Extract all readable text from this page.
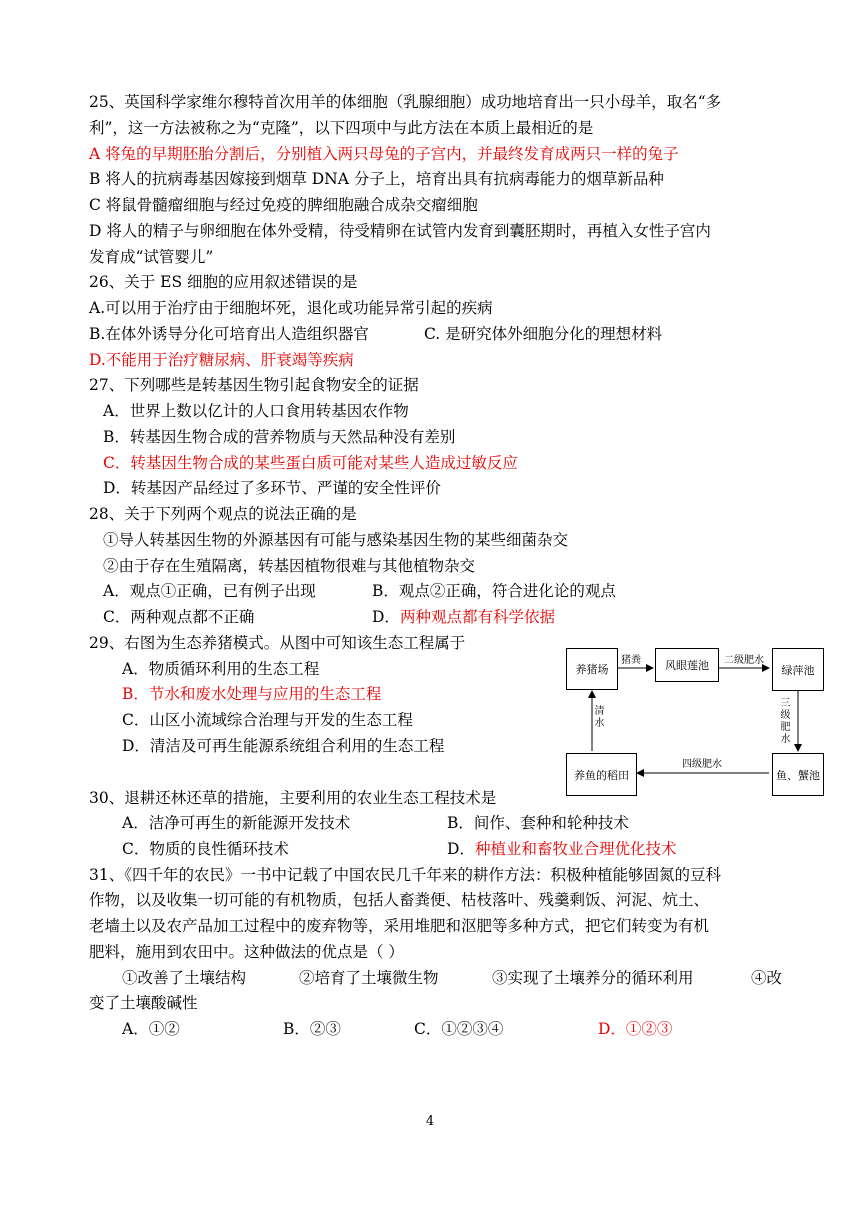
25、英国科学家维尔穆特首次用羊的体细胞（乳腺细胞）成功地培育出一只小母羊，取名“多
利”，这一方法被称之为“克隆”，以下四项中与此方法在本质上最相近的是
A 将兔的早期胚胎分割后，分别植入两只母兔的子宫内，并最终发育成两只一样的兔子
B 将人的抗病毒基因嫁接到烟草 DNA 分子上，培育出具有抗病毒能力的烟草新品种
C 将鼠骨髓瘤细胞与经过免疫的脾细胞融合成杂交瘤细胞
D 将人的精子与卵细胞在体外受精，待受精卵在试管内发育到囊胚期时，再植入女性子宫内
发育成“试管婴儿”
26、关于 ES 细胞的应用叙述错误的是
A.可以用于治疗由于细胞坏死，退化或功能异常引起的疾病
B.在体外诱导分化可培育出人造组织器官	C. 是研究体外细胞分化的理想材料
D.不能用于治疗糖尿病、肝衰竭等疾病
27、下列哪些是转基因生物引起食物安全的证据
A．世界上数以亿计的人口食用转基因农作物
B．转基因生物合成的营养物质与天然品种没有差别
C．转基因生物合成的某些蛋白质可能对某些人造成过敏反应
D．转基因产品经过了多环节、严谨的安全性评价
28、关于下列两个观点的说法正确的是
①导人转基因生物的外源基因有可能与感染基因生物的某些细菌杂交
②由于存在生殖隔离，转基因植物很难与其他植物杂交
A．观点①正确，已有例子出现	B．观点②正确，符合进化论的观点
C．两种观点都不正确	D．两种观点都有科学依据
29、右图为生态养猪模式。从图中可知该生态工程属于
A．物质循环利用的生态工程
B．节水和废水处理与应用的生态工程
C．山区小流域综合治理与开发的生态工程
D．清洁及可再生能源系统组合利用的生态工程
养猪场	风眼莲池	绿萍池
鱼、蟹池
养鱼的稻田
猪粪	二级肥水
三级肥水
四级肥水
清水
30、退耕还林还草的措施，主要利用的农业生态工程技术是
A．洁净可再生的新能源开发技术	B．间作、套种和轮种技术
C．物质的良性循环技术	D．种植业和畜牧业合理优化技术
31、《四千年的农民》一书中记载了中国农民几千年来的耕作方法：积极种植能够固氮的豆科
作物，以及收集一切可能的有机物质，包括人畜粪便、枯枝落叶、残羹剩饭、河泥、炕土、
老墙土以及农产品加工过程中的废弃物等，采用堆肥和沤肥等多种方式，把它们转变为有机
肥料，施用到农田中。这种做法的优点是（ ）
①改善了土壤结构	②培育了土壤微生物	③实现了土壤养分的循环利用	④改
变了土壤酸碱性
A．①②	B．②③	C．①②③④	D．①②③
4
